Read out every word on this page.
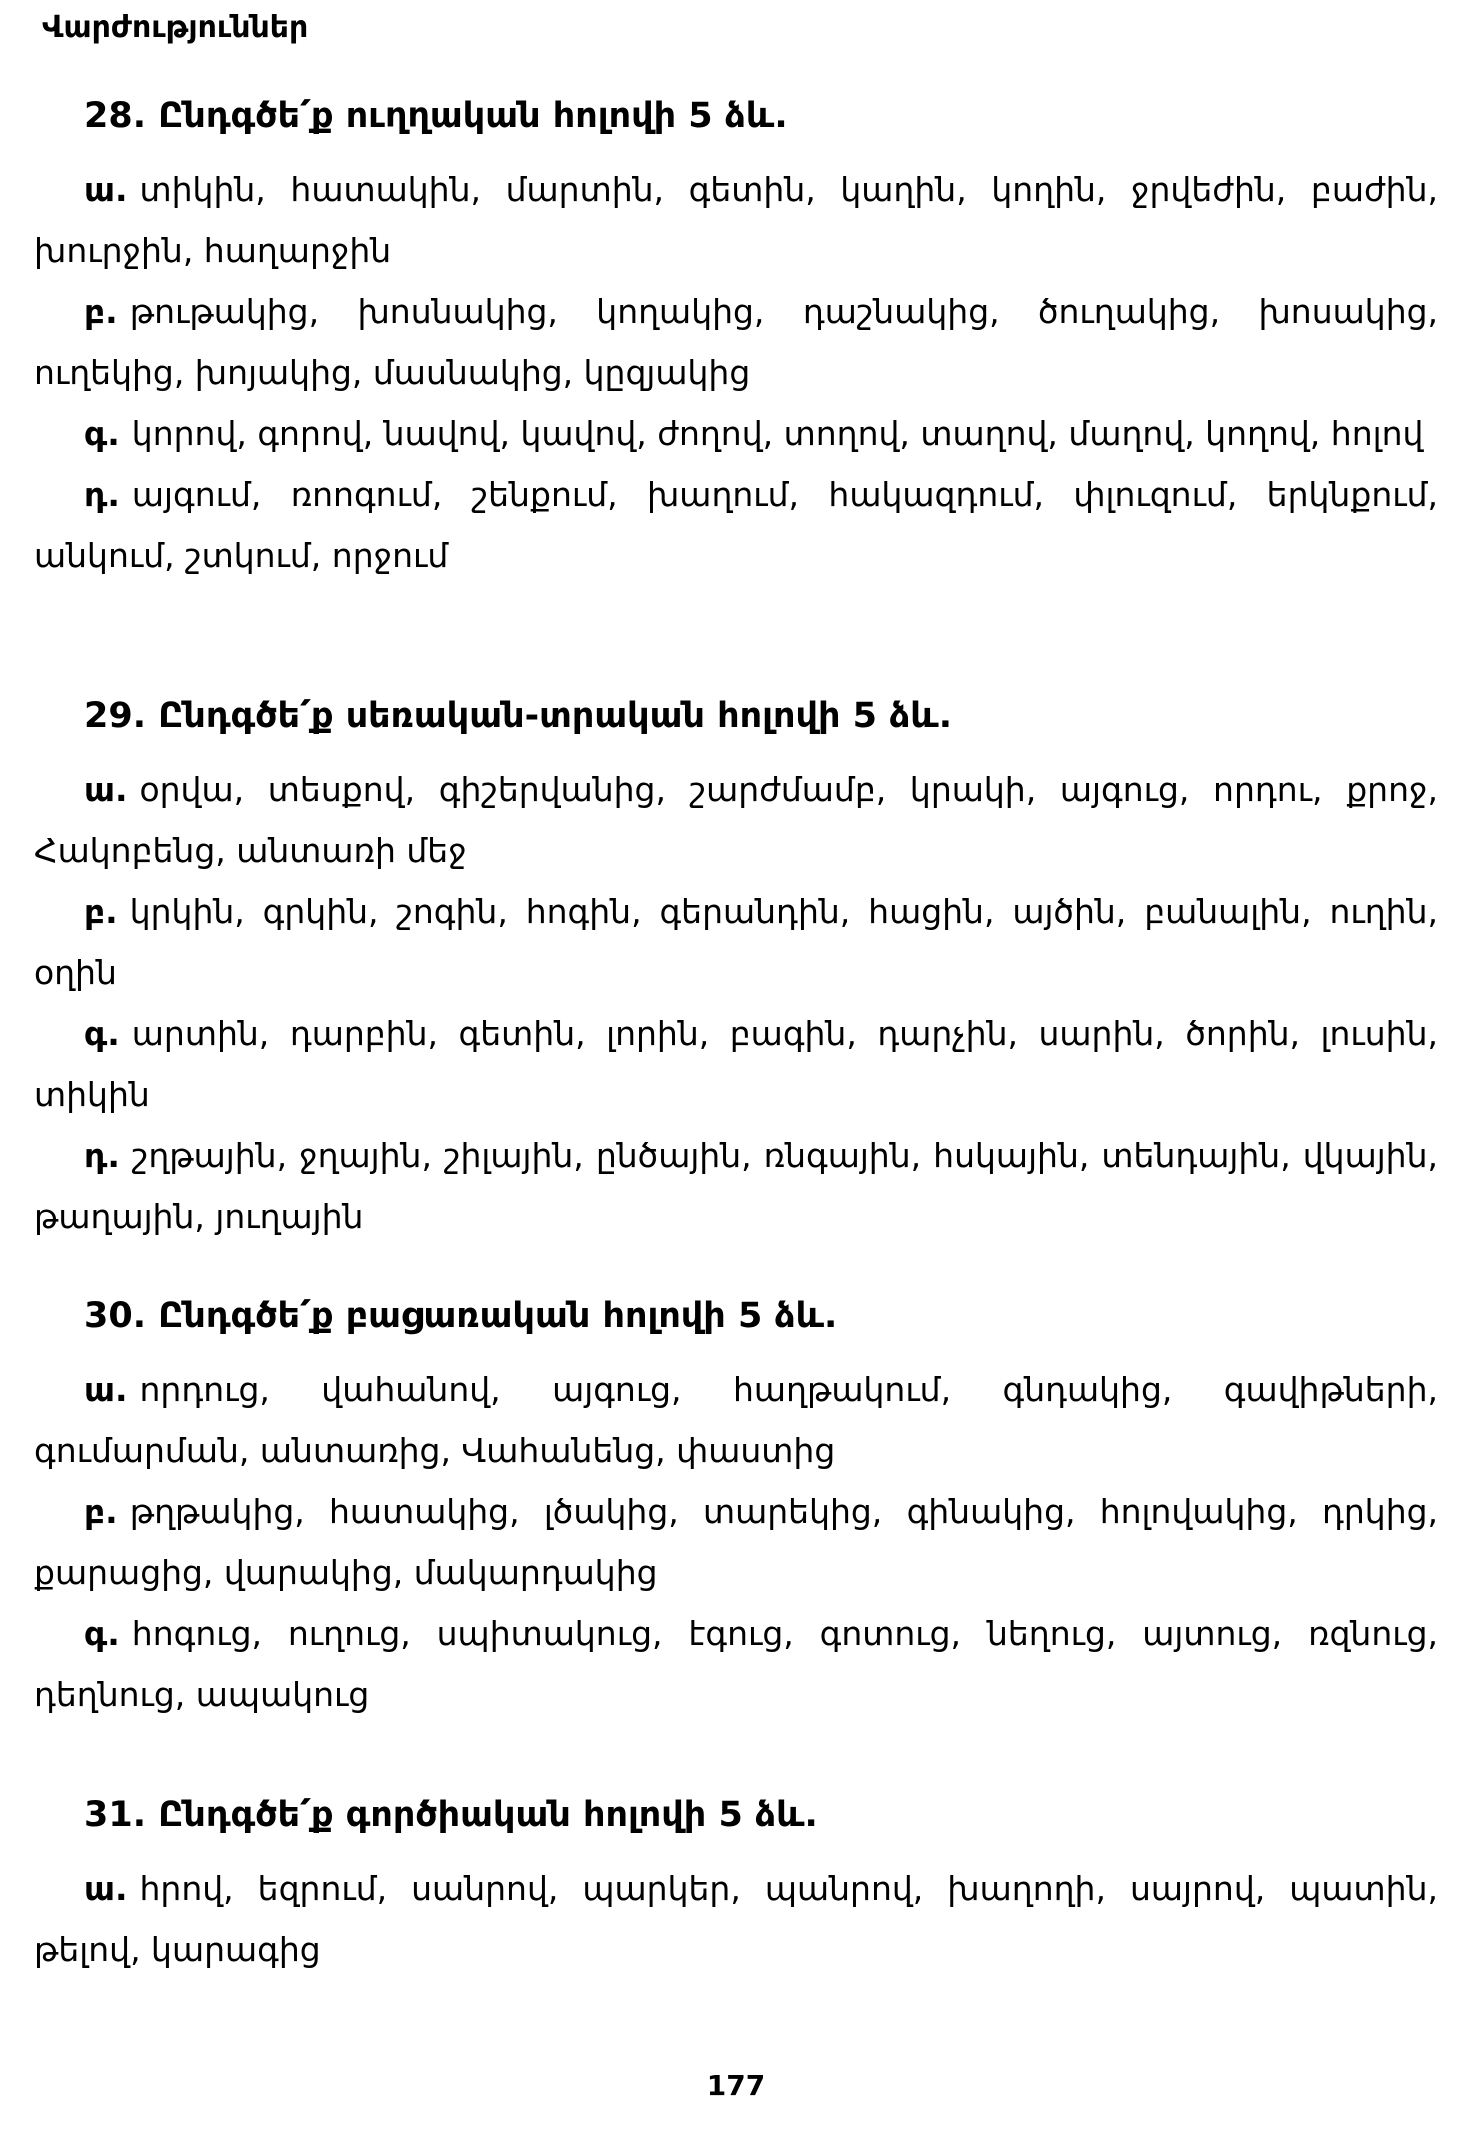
Վարժություններ
28. Ընդգծե՛ք ուղղական հոլովի 5 ձև.

ա. տիկին, հատակին, մարտին, գետին, կաղին, կողին, ջրվեժին, բաժին, խուրջին, հաղարջին

բ. թութակից, խոսնակից, կողակից, դաշնակից, ծուղակից, խոսակից, ուղեկից, խոյակից, մասնակից, կըզյակից

գ. կորով, գորով, նավով, կավով, ժողով, տողով, տաղով, մաղով, կողով, հոլով

դ. այգում, ռոոգում, շենքում, խաղում, հակազդում, փլուզում, երկնքում, անկում, շտկում, որջում

29. Ընդգծե՛ք սեռական-տրական հոլովի 5 ձև.

ա. օրվա, տեսքով, գիշերվանից, շարժմամբ, կրակի, այգուց, որդու, քրոջ, Հակոբենց, անտառի մեջ

բ. կրկին, գրկին, շոգին, հոգին, գերանդին, հացին, այծին, բանալին, ուղին, օղին

գ. արտին, դարբին, գետին, լորին, բագին, դարչին, սարին, ծորին, լուսին, տիկին

դ. շղթային, ջղային, շիլային, ընծային, ռնգային, հսկային, տենդային, վկային, թաղային, յուղային

30. Ընդգծե՛ք բացառական հոլովի 5 ձև.

ա. որդուց, վահանով, այգուց, հաղթակում, գնդակից, գավիթների, գումարման, անտառից, Վահանենց, փաստից

բ. թղթակից, հատակից, լծակից, տարեկից, գինակից, հոլովակից, դրկից, քարացից, վարակից, մակարդակից

գ. հոգուց, ուղուց, սպիտակուց, էգուց, գոտուց, նեղուց, այտուց, ռզնուց, դեղնուց, ապակուց

31. Ընդգծե՛ք գործիական հոլովի 5 ձև.

ա. հրով, եզրում, սանրով, պարկեր, պանրով, խաղողի, սայրով, պատին, թելով, կարագից

177
